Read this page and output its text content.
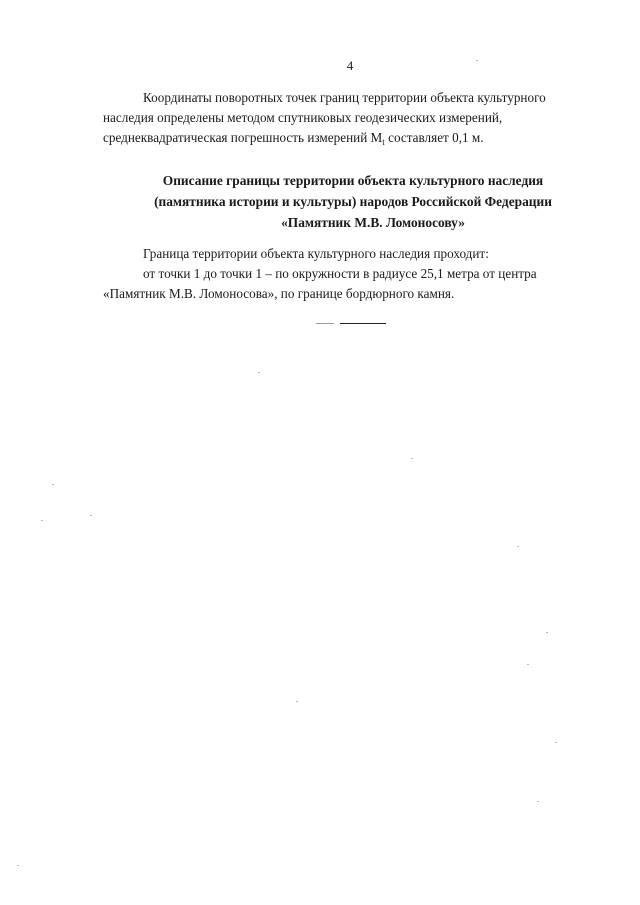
4
Координаты поворотных точек границ территории объекта культурного
наследия определены методом спутниковых геодезических измерений,
среднеквадратическая погрешность измерений $M_t$ составляет 0,1 м.
Описание границы территории объекта культурного наследия
(памятника истории и культуры) народов Российской Федерации
«Памятник М.В. Ломоносову»
Граница территории объекта культурного наследия проходит:
от точки 1 до точки 1 – по окружности в радиусе 25,1 метра от центра
«Памятник М.В. Ломоносова», по границе бордюрного камня.
